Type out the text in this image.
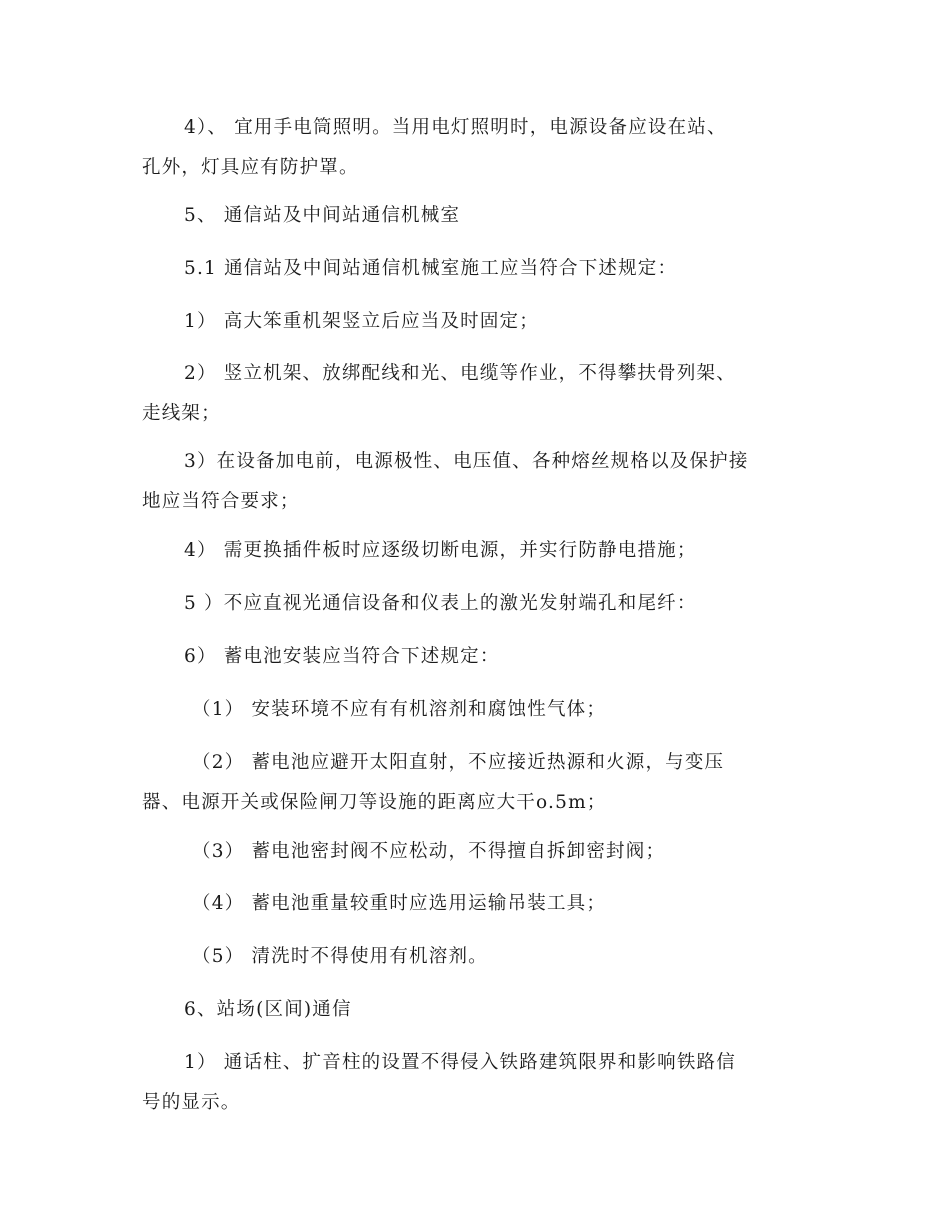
4）、 宜用手电筒照明。当用电灯照明时，电源设备应设在站、
孔外，灯具应有防护罩。
5、 通信站及中间站通信机械室
5.1 通信站及中间站通信机械室施工应当符合下述规定：
1） 高大笨重机架竖立后应当及时固定；
2） 竖立机架、放绑配线和光、电缆等作业，不得攀扶骨列架、
走线架；
3）在设备加电前，电源极性、电压值、各种熔丝规格以及保护接
地应当符合要求；
4） 需更换插件板时应逐级切断电源，并实行防静电措施；
5 ）不应直视光通信设备和仪表上的激光发射端孔和尾纤：
6） 蓄电池安装应当符合下述规定：
（1） 安装环境不应有有机溶剂和腐蚀性气体；
（2） 蓄电池应避开太阳直射，不应接近热源和火源，与变压
器、电源开关或保险闸刀等设施的距离应大干o.5m；
（3） 蓄电池密封阀不应松动，不得擅自拆卸密封阀；
（4） 蓄电池重量较重时应选用运输吊装工具；
（5） 清洗时不得使用有机溶剂。
6、站场(区间)通信
1） 通话柱、扩音柱的设置不得侵入铁路建筑限界和影响铁路信
号的显示。
